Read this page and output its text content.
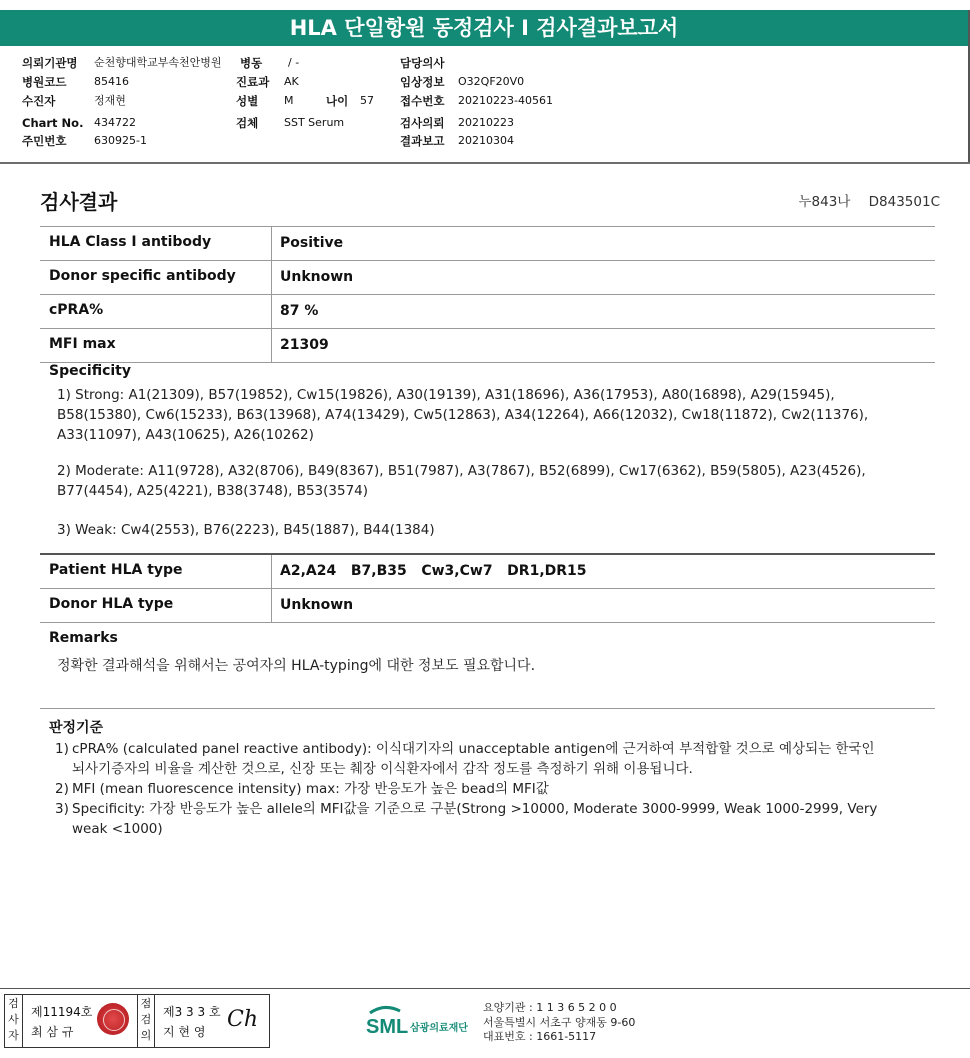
HLA 단일항원 동정검사 I 검사결과보고서
의뢰기관명 순천향대학교부속천안병원 병동 / -	담당의사
병원코드	85416	진료과 AK	임상정보 O32QF20V0
수진자	정재현	성별 M	나이 57 접수번호 20210223-40561
Chart No. 434722	검체 SST Serum	검사의뢰 20210223
주민번호	630925-1	결과보고 20210304
검사결과	누843나 D843501C
HLA Class I antibody	Positive
Donor specific antibody	Unknown
cPRA%	87 %
MFI max	21309
Specificity
1) Strong: A1(21309), B57(19852), Cw15(19826), A30(19139), A31(18696), A36(17953), A80(16898), A29(15945), B58(15380), Cw6(15233), B63(13968), A74(13429), Cw5(12863), A34(12264), A66(12032), Cw18(11872), Cw2(11376), A33(11097), A43(10625), A26(10262)
2) Moderate: A11(9728), A32(8706), B49(8367), B51(7987), A3(7867), B52(6899), Cw17(6362), B59(5805), A23(4526), B77(4454), A25(4221), B38(3748), B53(3574)
3) Weak: Cw4(2553), B76(2223), B45(1887), B44(1384)
Patient HLA type	A2,A24   B7,B35   Cw3,Cw7   DR1,DR15
Donor HLA type	Unknown
Remarks
정확한 결과해석을 위해서는 공여자의 HLA-typing에 대한 정보도 필요합니다.
판정기준
1) cPRA% (calculated panel reactive antibody): 이식대기자의 unacceptable antigen에 근거하여 부적합할 것으로 예상되는 한국인 뇌사기증자의 비율을 계산한 것으로, 신장 또는 췌장 이식환자에서 감작 정도를 측정하기 위해 이용됩니다.
2) MFI (mean fluorescence intensity) max: 가장 반응도가 높은 bead의 MFI값
3) Specificity: 가장 반응도가 높은 allele의 MFI값을 기준으로 구분(Strong >10000, Moderate 3000-9999, Weak 1000-2999, Very weak <1000)
검사자
제11194호
최 삼 규
점검의
제3 3 3 호
지 현 영 Ch	SML 삼광의료재단
요양기관 : 1 1 3 6 5 2 0 0
서울특별시 서초구 양재동 9-60
대표번호 : 1661-5117
